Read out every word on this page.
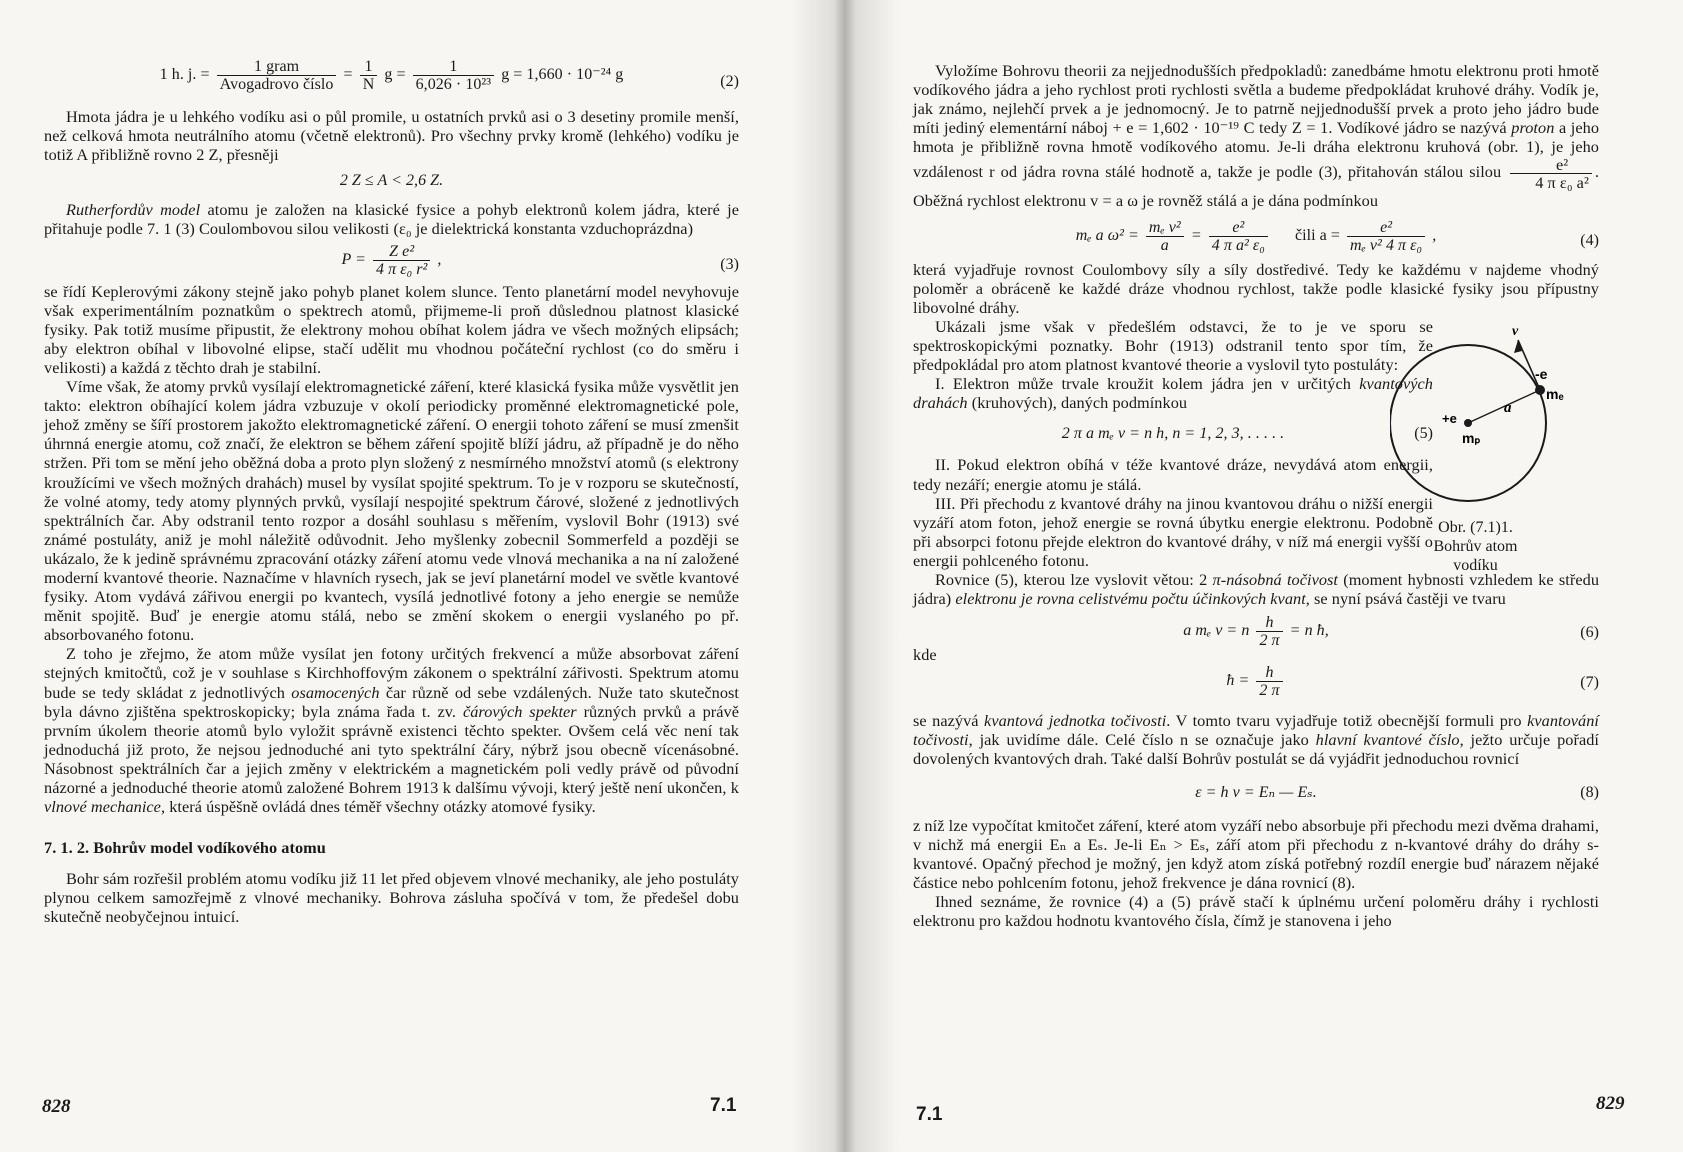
1 h. j. = $\frac{\text{1 gram}}{\text{Avogadrovo číslo}} = \frac{1}{N}$ $g = \frac{1}{\text{6,026 · 10²³}}$ g = 1,660 · 10⁻²⁴ g	(2)

Hmota jádra je u lehkého vodíku asi o půl promile, u ostatních prvků asi o 3 desetiny promile menší, než celková hmota neutrálního atomu (včetně elektronů). Pro všechny prvky kromě (lehkého) vodíku je totiž A přibližně rovno 2 Z, přesněji

2 Z ≤ A < 2,6 Z.

Rutherfordův model atomu je založen na klasické fysice a pohyb elektronů kolem jádra, které je přitahuje podle 7. 1 (3) Coulombovou silou velikosti (ε₀ je dielektrická konstanta vzduchoprázdna)

$P = \frac{\text{Z e²}}{\text{4 π ε₀ r²}}$ ,	(3)

se řídí Keplerovými zákony stejně jako pohyb planet kolem slunce. Tento planetární model nevyhovuje však experimentálním poznatkům o spektrech atomů, přijmeme-li proň důslednou platnost klasické fysiky. Pak totiž musíme připustit, že elektrony mohou obíhat kolem jádra ve všech možných elipsách; aby elektron obíhal v libovolné elipse, stačí udělit mu vhodnou počáteční rychlost (co do směru i velikosti) a každá z těchto drah je stabilní.

Víme však, že atomy prvků vysílají elektromagnetické záření, které klasická fysika může vysvětlit jen takto: elektron obíhající kolem jádra vzbuzuje v okolí periodicky proměnné elektromagnetické pole, jehož změny se šíří prostorem jakožto elektromagnetické záření. O energii tohoto záření se musí zmenšit úhrnná energie atomu, což značí, že elektron se během záření spojitě blíží jádru, až případně je do něho stržen. Při tom se mění jeho oběžná doba a proto plyn složený z nesmírného množství atomů (s elektrony kroužícími ve všech možných drahách) musel by vysílat spojité spektrum. To je v rozporu se skutečností, že volné atomy, tedy atomy plynných prvků, vysílají nespojité spektrum čárové, složené z jednotlivých spektrálních čar. Aby odstranil tento rozpor a dosáhl souhlasu s měřením, vyslovil Bohr (1913) své známé postuláty, aniž je mohl náležitě odůvodnit. Jeho myšlenky zobecnil Sommerfeld a později se ukázalo, že k jedině správnému zpracování otázky záření atomu vede vlnová mechanika a na ní založené moderní kvantové theorie. Naznačíme v hlavních rysech, jak se jeví planetární model ve světle kvantové fysiky. Atom vydává zářivou energii po kvantech, vysílá jednotlivé fotony a jeho energie se nemůže měnit spojitě. Buď je energie atomu stálá, nebo se změní skokem o energii vyslaného po př. absorbovaného fotonu.

Z toho je zřejmo, že atom může vysílat jen fotony určitých frekvencí a může absorbovat záření stejných kmitočtů, což je v souhlase s Kirchhoffovým zákonem o spektrální zářivosti. Spektrum atomu bude se tedy skládat z jednotlivých osamocených čar různě od sebe vzdálených. Nuže tato skutečnost byla dávno zjištěna spektroskopicky; byla známa řada t. zv. čárových spekter různých prvků a právě prvním úkolem theorie atomů bylo vyložit správně existenci těchto spekter. Ovšem celá věc není tak jednoduchá již proto, že nejsou jednoduché ani tyto spektrální čáry, nýbrž jsou obecně vícenásobné. Násobnost spektrálních čar a jejich změny v elektrickém a magnetickém poli vedly právě od původní názorné a jednoduché theorie atomů založené Bohrem 1913 k dalšímu vývoji, který ještě není ukončen, k vlnové mechanice, která úspěšně ovládá dnes téměř všechny otázky atomové fysiky.

7. 1. 2. Bohrův model vodíkového atomu

Bohr sám rozřešil problém atomu vodíku již 11 let před objevem vlnové mechaniky, ale jeho postuláty plynou celkem samozřejmě z vlnové mechaniky. Bohrova zásluha spočívá v tom, že předešel dobu skutečně neobyčejnou intuicí.

828	7.1

Vyložíme Bohrovu theorii za nejjednodušších předpokladů: zanedbáme hmotu elektronu proti hmotě vodíkového jádra a jeho rychlost proti rychlosti světla a budeme předpokládat kruhové dráhy. Vodík je, jak známo, nejlehčí prvek a je jednomocný. Je to patrně nejjednodušší prvek a proto jeho jádro bude míti jediný elementární náboj + e = 1,602 · 10⁻¹⁹ C tedy Z = 1. Vodíkové jádro se nazývá proton a jeho hmota je přibližně rovna hmotě vodíkového atomu. Je-li dráha elektronu kruhová (obr. 1), je jeho vzdálenost r od jádra rovna stálé hodnotě a, takže je podle (3), přitahován stálou silou $\frac{\text{e²}}{\text{4 π ε₀ a²}}$ . Oběžná rychlost elektronu v = a ω je rovněž stálá a je dána podmínkou

mₑ a $\omega^2 = \frac{\text{mₑ v²}}{a} = \frac{\text{e²}}{\text{4 π a² ε₀}}$ čili $a = \frac{\text{e²}}{\text{mₑ v² 4 π ε₀}}$ ,	(4)

která vyjadřuje rovnost Coulombovy síly a síly dostředivé. Tedy ke každému v najdeme vhodný poloměr a obráceně ke každé dráze vhodnou rychlost, takže podle klasické fysiky jsou přípustny libovolné dráhy.

Ukázali jsme však v předešlém odstavci, že to je ve sporu se spektroskopickými poznatky. Bohr (1913) odstranil tento spor tím, že předpokládal pro atom platnost kvantové theorie a vyslovil tyto postuláty:

I. Elektron může trvale kroužit kolem jádra jen v určitých kvantových drahách (kruhových), daných podmínkou

2 π a mₑ v = n h, n = 1, 2, 3, . . . . .	(5)

II. Pokud elektron obíhá v téže kvantové dráze, nevydává atom energii, tedy nezáří; energie atomu je stálá.

III. Při přechodu z kvantové dráhy na jinou kvantovou dráhu o nižší energii vyzáří atom foton, jehož energie se rovná úbytku energie elektronu. Podobně při absorpci fotonu přejde elektron do kvantové dráhy, v níž má energii vyšší o energii pohlceného fotonu.

Rovnice (5), kterou lze vyslovit větou: 2 π-násobná točivost (moment hybnosti vzhledem ke středu jádra) elektronu je rovna celistvému počtu účinkových kvant, se nyní psává častěji ve tvaru

a mₑ v = n $\frac{h}{2 \pi} = n$ ħ,	(6)

kde

ħ = $\frac{h}{2 \pi}$	(7)

se nazývá kvantová jednotka točivosti. V tomto tvaru vyjadřuje totiž obecnější formuli pro kvantování točivosti, jak uvidíme dále. Celé číslo n se označuje jako hlavní kvantové číslo, ježto určuje pořadí dovolených kvantových drah. Také další Bohrův postulát se dá vyjádřit jednoduchou rovnicí

ε = h ν = Eₙ — Eₛ.	(8)

z níž lze vypočítat kmitočet záření, které atom vyzáří nebo absorbuje při přechodu mezi dvěma drahami, v nichž má energii Eₙ a Eₛ. Je-li Eₙ > Eₛ, září atom při přechodu z n-kvantové dráhy do dráhy s-kvantové. Opačný přechod je možný, jen když atom získá potřebný rozdíl energie buď nárazem nějaké částice nebo pohlcením fotonu, jehož frekvence je dána rovnicí (8).

Ihned seznáme, že rovnice (4) a (5) právě stačí k úplnému určení poloměru dráhy i rychlosti elektronu pro každou hodnotu kvantového čísla, čímž je stanovena i jeho

v
-e
mₑ
a
+e
mₚ
Obr. (7.1)1.
Bohrův atom
vodíku
7.1
829
